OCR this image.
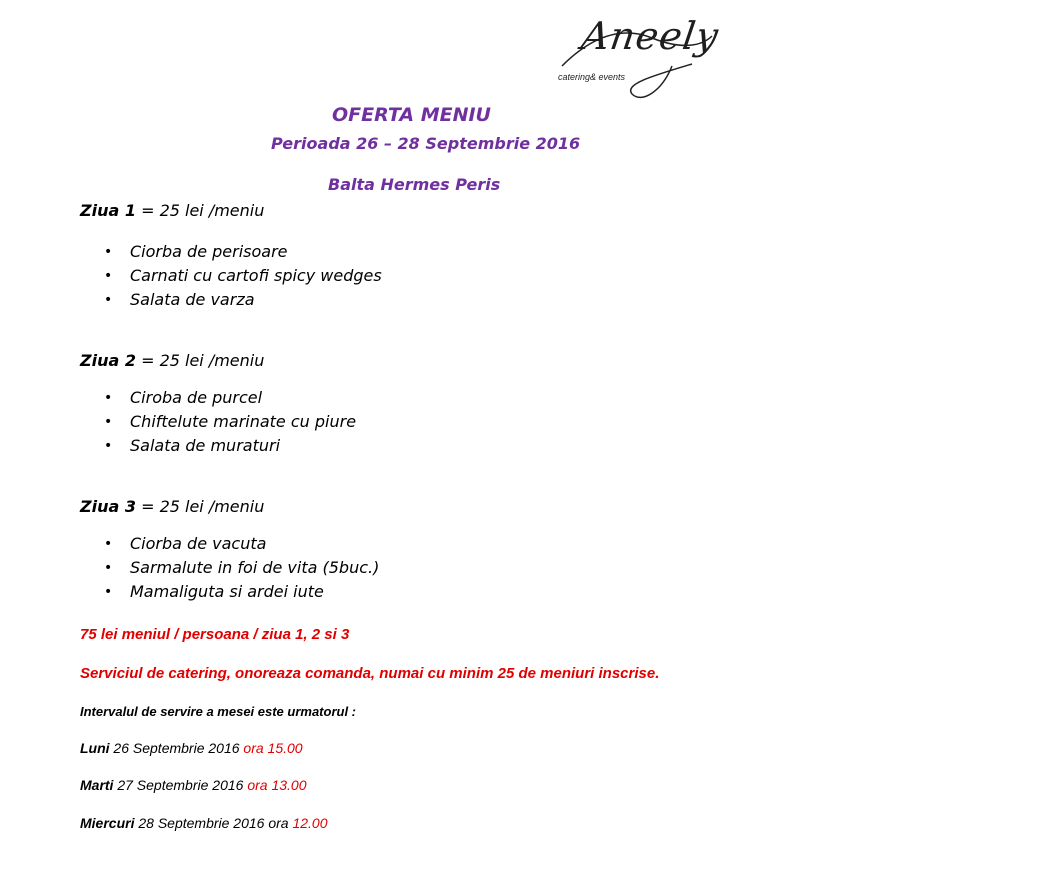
Aneely
catering& events
OFERTA MENIU
Perioada 26 – 28 Septembrie 2016
Balta Hermes Peris
Ziua 1 = 25 lei /meniu
• Ciorba de perisoare
• Carnati cu cartofi spicy wedges
• Salata de varza
Ziua 2 = 25 lei /meniu
• Ciroba de purcel
• Chiftelute marinate cu piure
• Salata de muraturi
Ziua 3 = 25 lei /meniu
• Ciorba de vacuta
• Sarmalute in foi de vita (5buc.)
• Mamaliguta si ardei iute
75 lei meniul / persoana / ziua 1, 2 si 3
Serviciul de catering, onoreaza comanda, numai cu minim 25 de meniuri inscrise.
Intervalul de servire a mesei este urmatorul :
Luni 26 Septembrie 2016 ora 15.00
Marti 27 Septembrie 2016 ora 13.00
Miercuri 28 Septembrie 2016 ora 12.00
